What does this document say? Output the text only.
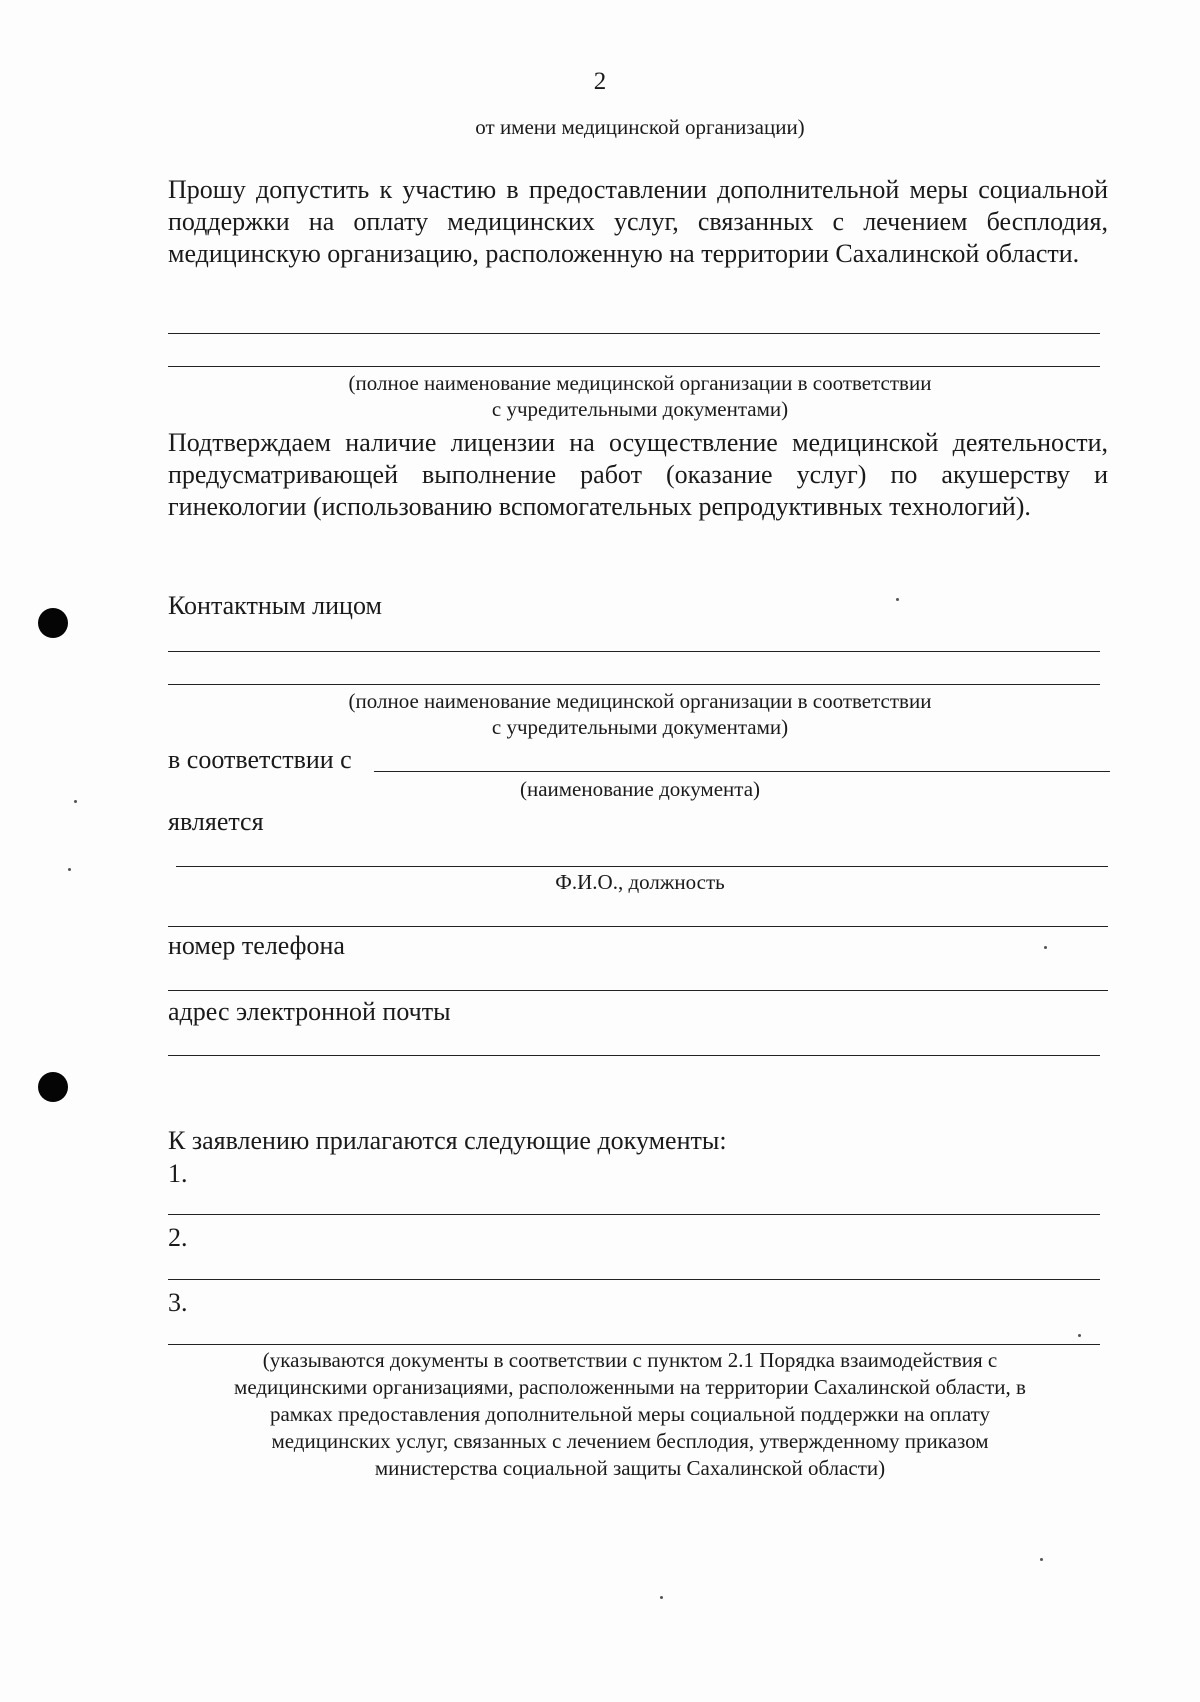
2
от имени медицинской организации)
Прошу допустить к участию в предоставлении дополнительной меры социальной поддержки на оплату медицинских услуг, связанных с лечением бесплодия, медицинскую организацию, расположенную на территории Сахалинской области.
(полное наименование медицинской организации в соответствии
с учредительными документами)
Подтверждаем наличие лицензии на осуществление медицинской деятельности, предусматривающей выполнение работ (оказание услуг) по акушерству и гинекологии (использованию вспомогательных репродуктивных технологий).
Контактным лицом
(полное наименование медицинской организации в соответствии
с учредительными документами)
в соответствии с
(наименование документа)
является
Ф.И.О., должность
номер телефона
адрес электронной почты
К заявлению прилагаются следующие документы:
1.
2.
3.
(указываются документы в соответствии с пунктом 2.1 Порядка взаимодействия с
медицинскими организациями, расположенными на территории Сахалинской области, в
рамках предоставления дополнительной меры социальной поддержки на оплату
медицинских услуг, связанных с лечением бесплодия, утвержденному приказом
министерства социальной защиты Сахалинской области)
